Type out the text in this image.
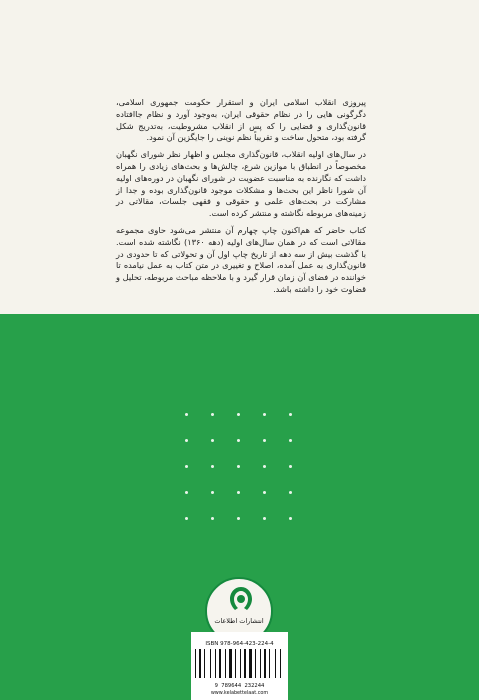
پیروزی انقلاب اسلامی ایران و استقرار حکومت جمهوری اسلامی، دگرگونی هایی را در نظام حقوقی ایران، به‌وجود آورد و نظام جاافتاده قانون‌گذاری و قضایی را که پس از انقلاب مشروطیت، به‌تدریج شکل گرفته بود، متحول ساخت و تقریباً نظم نوینی را جایگزین آن نمود.

در سال‌های اولیه انقلاب، قانون‌گذاری مجلس و اظهار نظر شورای نگهبان مخصوصاً در انطباق با موازین شرع، چالش‌ها و بحث‌های زیادی را همراه داشت که نگارنده به مناسبت عضویت در شورای نگهبان در دوره‌های اولیه آن شورا ناظر این بحث‌ها و مشکلات موجود قانون‌گذاری بوده و جدا از مشارکت در بحث‌های علمی و حقوقی و فقهی جلسات، مقالاتی در زمینه‌های مربوطه نگاشته و منتشر کرده است.

کتاب حاضر که هم‌اکنون چاپ چهارم آن منتشر می‌شود حاوی مجموعه مقالاتی است که در همان سال‌های اولیه (دهه ۱۳۶۰) نگاشته شده است. با گذشت بیش از سه دهه از تاریخ چاپ اول آن و تحولاتی که تا حدودی در قانون‌گذاری به عمل آمده، اصلاح و تغییری در متن کتاب به عمل نیامده تا خواننده در فضای آن زمان قرار گیرد و با ملاحظه مباحث مربوطه، تحلیل و قضاوت خود را داشته باشد.

انتشارات اطلاعات
ISBN 978-964-423-224-4
9 789644 232244
www.kelabettelaat.com
